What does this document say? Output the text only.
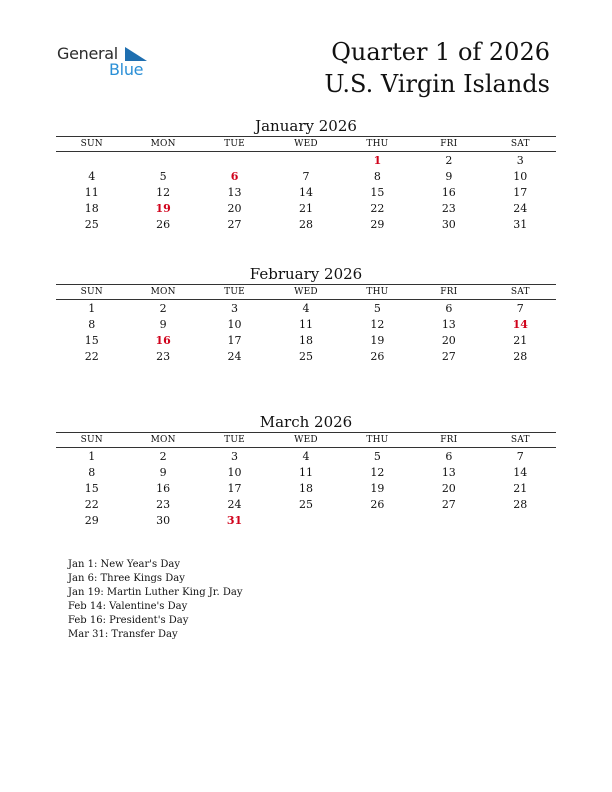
General
Blue
Quarter 1 of 2026
U.S. Virgin Islands
January 2026
SUN	MON	TUE	WED	THU	FRI	SAT
				1	2	3
4	5	6	7	8	9	10
11	12	13	14	15	16	17
18	19	20	21	22	23	24
25	26	27	28	29	30	31
February 2026
SUN	MON	TUE	WED	THU	FRI	SAT
1	2	3	4	5	6	7
8	9	10	11	12	13	14
15	16	17	18	19	20	21
22	23	24	25	26	27	28
March 2026
SUN	MON	TUE	WED	THU	FRI	SAT
1	2	3	4	5	6	7
8	9	10	11	12	13	14
15	16	17	18	19	20	21
22	23	24	25	26	27	28
29	30	31				
Jan 1: New Year's Day
Jan 6: Three Kings Day
Jan 19: Martin Luther King Jr. Day
Feb 14: Valentine's Day
Feb 16: President's Day
Mar 31: Transfer Day
